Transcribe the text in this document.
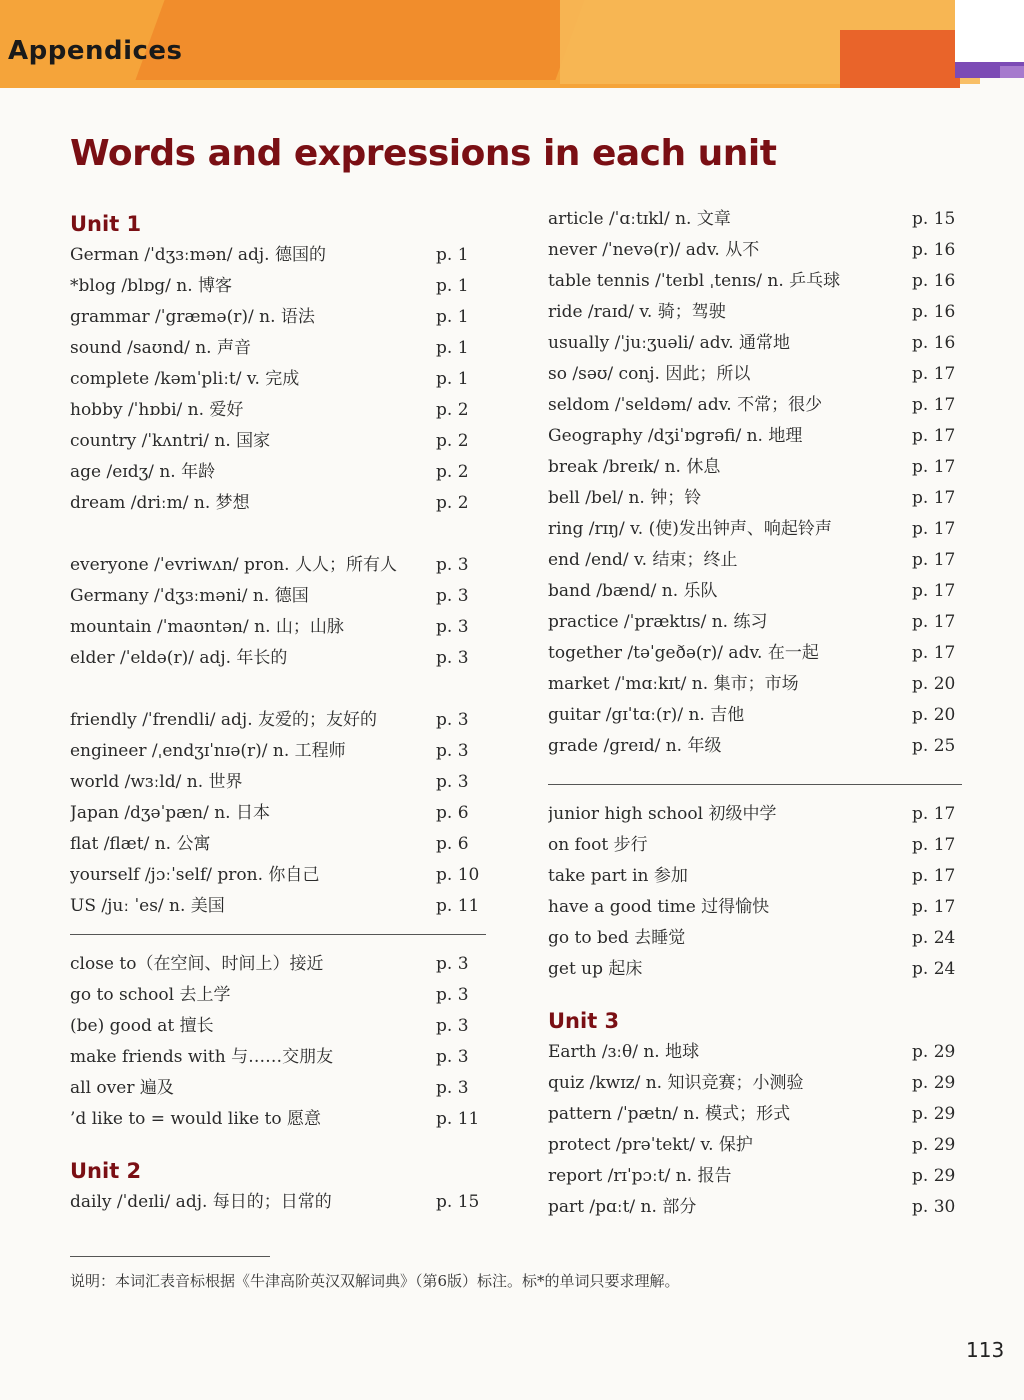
Appendices
Words and expressions in each unit
Unit 1
German /ˈdʒɜːmən/ adj. 德国的	p. 1
*blog /blɒg/ n. 博客	p. 1
grammar /ˈgræmə(r)/ n. 语法	p. 1
sound /saʊnd/ n. 声音	p. 1
complete /kəmˈpliːt/ v. 完成	p. 1
hobby /ˈhɒbi/ n. 爱好	p. 2
country /ˈkʌntri/ n. 国家	p. 2
age /eɪdʒ/ n. 年龄	p. 2
dream /driːm/ n. 梦想	p. 2
everyone /ˈevriwʌn/ pron. 人人；所有人	p. 3
Germany /ˈdʒɜːməni/ n. 德国	p. 3
mountain /ˈmaʊntən/ n. 山；山脉	p. 3
elder /ˈeldə(r)/ adj. 年长的	p. 3
friendly /ˈfrendli/ adj. 友爱的；友好的	p. 3
engineer /ˌendʒɪˈnɪə(r)/ n. 工程师	p. 3
world /wɜːld/ n. 世界	p. 3
Japan /dʒəˈpæn/ n. 日本	p. 6
flat /flæt/ n. 公寓	p. 6
yourself /jɔːˈself/ pron. 你自己	p. 10
US /juː ˈes/ n. 美国	p. 11
close to（在空间、时间上）接近	p. 3
go to school 去上学	p. 3
(be) good at 擅长	p. 3
make friends with 与……交朋友	p. 3
all over 遍及	p. 3
’d like to = would like to 愿意	p. 11
Unit 2
daily /ˈdeɪli/ adj. 每日的；日常的	p. 15
article /ˈɑːtɪkl/ n. 文章	p. 15
never /ˈnevə(r)/ adv. 从不	p. 16
table tennis /ˈteɪbl ˌtenɪs/ n. 乒乓球	p. 16
ride /raɪd/ v. 骑；驾驶	p. 16
usually /ˈjuːʒuəli/ adv. 通常地	p. 16
so /səʊ/ conj. 因此；所以	p. 17
seldom /ˈseldəm/ adv. 不常；很少	p. 17
Geography /dʒiˈɒgrəfi/ n. 地理	p. 17
break /breɪk/ n. 休息	p. 17
bell /bel/ n. 钟；铃	p. 17
ring /rɪŋ/ v. (使)发出钟声、响起铃声	p. 17
end /end/ v. 结束；终止	p. 17
band /bænd/ n. 乐队	p. 17
practice /ˈpræktɪs/ n. 练习	p. 17
together /təˈgeðə(r)/ adv. 在一起	p. 17
market /ˈmɑːkɪt/ n. 集市；市场	p. 20
guitar /gɪˈtɑː(r)/ n. 吉他	p. 20
grade /greɪd/ n. 年级	p. 25
junior high school 初级中学	p. 17
on foot 步行	p. 17
take part in 参加	p. 17
have a good time 过得愉快	p. 17
go to bed 去睡觉	p. 24
get up 起床	p. 24
Unit 3
Earth /ɜːθ/ n. 地球	p. 29
quiz /kwɪz/ n. 知识竞赛；小测验	p. 29
pattern /ˈpætn/ n. 模式；形式	p. 29
protect /prəˈtekt/ v. 保护	p. 29
report /rɪˈpɔːt/ n. 报告	p. 29
part /pɑːt/ n. 部分	p. 30
说明：本词汇表音标根据《牛津高阶英汉双解词典》（第6版）标注。标*的单词只要求理解。
113
